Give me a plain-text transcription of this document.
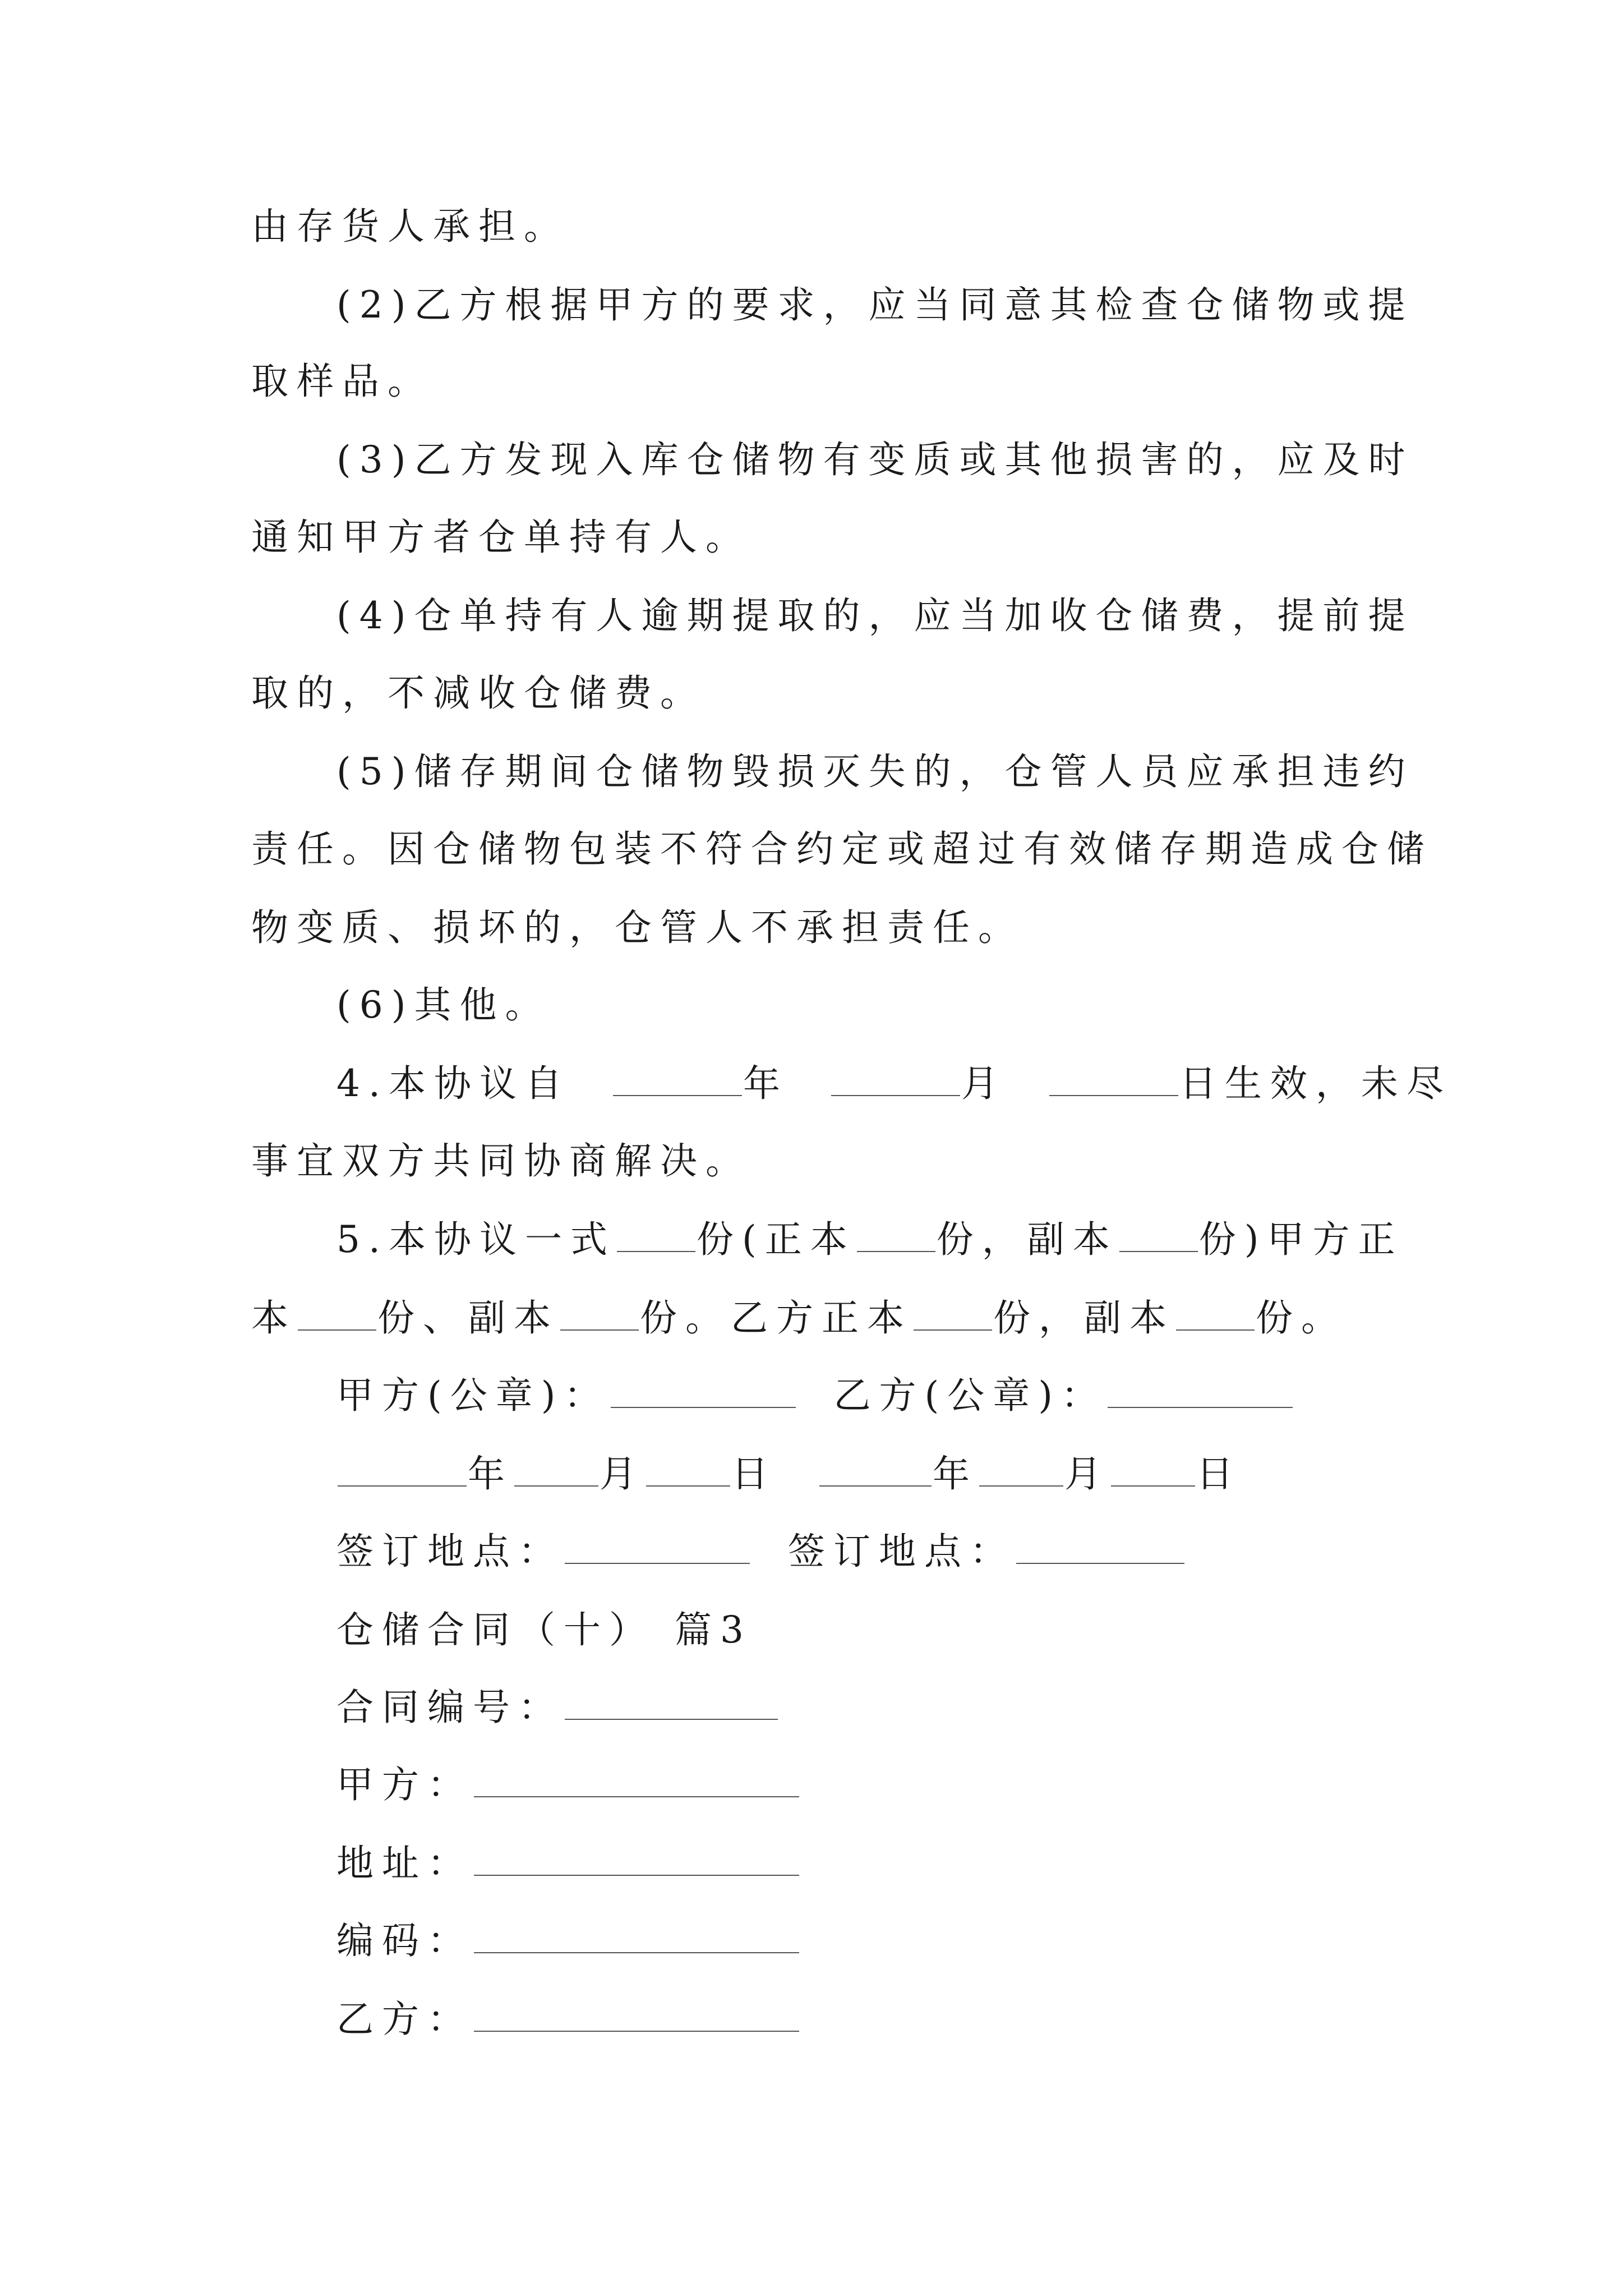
由存货人承担。
(2)乙方根据甲方的要求，应当同意其检查仓储物或提
取样品。
(3)乙方发现入库仓储物有变质或其他损害的，应及时
通知甲方者仓单持有人。
(4)仓单持有人逾期提取的，应当加收仓储费，提前提
取的，不减收仓储费。
(5)储存期间仓储物毁损灭失的，仓管人员应承担违约
责任。因仓储物包装不符合约定或超过有效储存期造成仓储
物变质、损坏的，仓管人不承担责任。
(6)其他。
4.本协议自	年	月	日生效，未尽
事宜双方共同协商解决。
5.本协议一式 份(正本 份，副本 份)甲方正
本 份、副本 份。乙方正本 份，副本 份。
甲方(公章)：	乙方(公章)：
年 月 日	年 月 日
签订地点：	签订地点：
仓储合同（十） 篇3
合同编号：
甲方：
地址：
编码：
乙方：
